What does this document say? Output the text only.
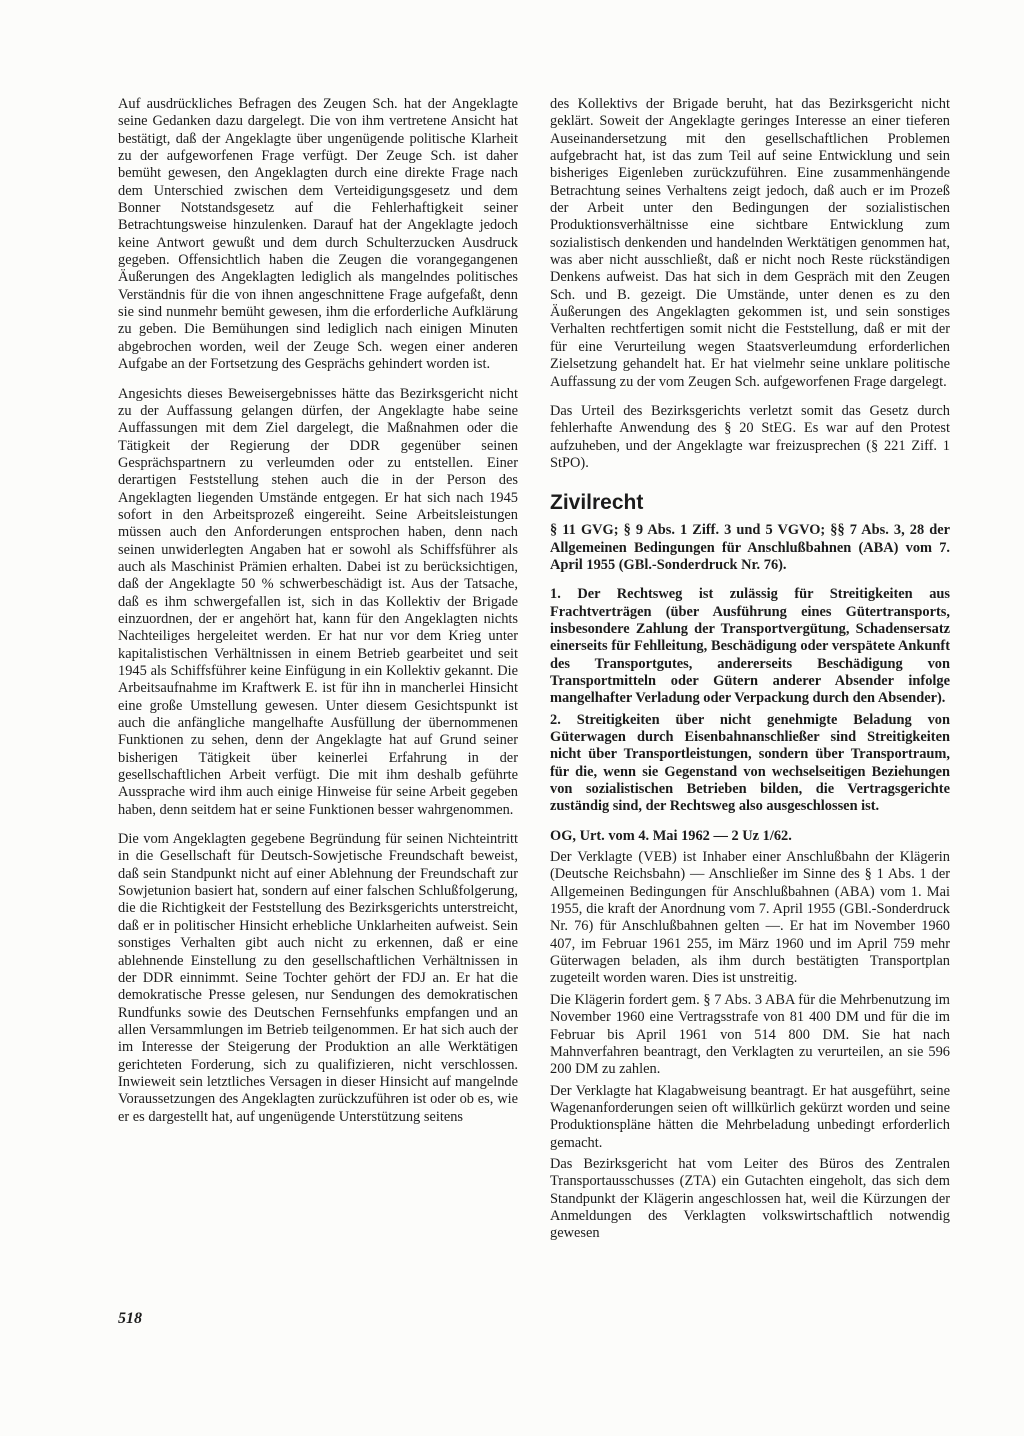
Auf ausdrückliches Befragen des Zeugen Sch. hat der Angeklagte seine Gedanken dazu dargelegt. Die von ihm vertretene Ansicht hat bestätigt, daß der Angeklagte über ungenügende politische Klarheit zu der aufgeworfenen Frage verfügt. Der Zeuge Sch. ist daher bemüht gewesen, den Angeklagten durch eine direkte Frage nach dem Unterschied zwischen dem Verteidigungsgesetz und dem Bonner Notstandsgesetz auf die Fehlerhaftigkeit seiner Betrachtungsweise hinzulenken. Darauf hat der Angeklagte jedoch keine Antwort gewußt und dem durch Schulterzucken Ausdruck gegeben. Offensichtlich haben die Zeugen die vorangegangenen Äußerungen des Angeklagten lediglich als mangelndes politisches Verständnis für die von ihnen angeschnittene Frage aufgefaßt, denn sie sind nunmehr bemüht gewesen, ihm die erforderliche Aufklärung zu geben. Die Bemühungen sind lediglich nach einigen Minuten abgebrochen worden, weil der Zeuge Sch. wegen einer anderen Aufgabe an der Fortsetzung des Gesprächs gehindert worden ist.

Angesichts dieses Beweisergebnisses hätte das Bezirksgericht nicht zu der Auffassung gelangen dürfen, der Angeklagte habe seine Auffassungen mit dem Ziel dargelegt, die Maßnahmen oder die Tätigkeit der Regierung der DDR gegenüber seinen Gesprächspartnern zu verleumden oder zu entstellen. Einer derartigen Feststellung stehen auch die in der Person des Angeklagten liegenden Umstände entgegen. Er hat sich nach 1945 sofort in den Arbeitsprozeß eingereiht. Seine Arbeitsleistungen müssen auch den Anforderungen entsprochen haben, denn nach seinen unwiderlegten Angaben hat er sowohl als Schiffsführer als auch als Maschinist Prämien erhalten. Dabei ist zu berücksichtigen, daß der Angeklagte 50 % schwerbeschädigt ist. Aus der Tatsache, daß es ihm schwergefallen ist, sich in das Kollektiv der Brigade einzuordnen, der er angehört hat, kann für den Angeklagten nichts Nachteiliges hergeleitet werden. Er hat nur vor dem Krieg unter kapitalistischen Verhältnissen in einem Betrieb gearbeitet und seit 1945 als Schiffsführer keine Einfügung in ein Kollektiv gekannt. Die Arbeitsaufnahme im Kraftwerk E. ist für ihn in mancherlei Hinsicht eine große Umstellung gewesen. Unter diesem Gesichtspunkt ist auch die anfängliche mangelhafte Ausfüllung der übernommenen Funktionen zu sehen, denn der Angeklagte hat auf Grund seiner bisherigen Tätigkeit über keinerlei Erfahrung in der gesellschaftlichen Arbeit verfügt. Die mit ihm deshalb geführte Aussprache wird ihm auch einige Hinweise für seine Arbeit gegeben haben, denn seitdem hat er seine Funktionen besser wahrgenommen.

Die vom Angeklagten gegebene Begründung für seinen Nichteintritt in die Gesellschaft für Deutsch-Sowjetische Freundschaft beweist, daß sein Standpunkt nicht auf einer Ablehnung der Freundschaft zur Sowjetunion basiert hat, sondern auf einer falschen Schlußfolgerung, die die Richtigkeit der Feststellung des Bezirksgerichts unterstreicht, daß er in politischer Hinsicht erhebliche Unklarheiten aufweist. Sein sonstiges Verhalten gibt auch nicht zu erkennen, daß er eine ablehnende Einstellung zu den gesellschaftlichen Verhältnissen in der DDR einnimmt. Seine Tochter gehört der FDJ an. Er hat die demokratische Presse gelesen, nur Sendungen des demokratischen Rundfunks sowie des Deutschen Fernsehfunks empfangen und an allen Versammlungen im Betrieb teilgenommen. Er hat sich auch der im Interesse der Steigerung der Produktion an alle Werktätigen gerichteten Forderung, sich zu qualifizieren, nicht verschlossen. Inwieweit sein letztliches Versagen in dieser Hinsicht auf mangelnde Voraussetzungen des Angeklagten zurückzuführen ist oder ob es, wie er es dargestellt hat, auf ungenügende Unterstützung seitens

des Kollektivs der Brigade beruht, hat das Bezirksgericht nicht geklärt. Soweit der Angeklagte geringes Interesse an einer tieferen Auseinandersetzung mit den gesellschaftlichen Problemen aufgebracht hat, ist das zum Teil auf seine Entwicklung und sein bisheriges Eigenleben zurückzuführen. Eine zusammenhängende Betrachtung seines Verhaltens zeigt jedoch, daß auch er im Prozeß der Arbeit unter den Bedingungen der sozialistischen Produktionsverhältnisse eine sichtbare Entwicklung zum sozialistisch denkenden und handelnden Werktätigen genommen hat, was aber nicht ausschließt, daß er nicht noch Reste rückständigen Denkens aufweist. Das hat sich in dem Gespräch mit den Zeugen Sch. und B. gezeigt. Die Umstände, unter denen es zu den Äußerungen des Angeklagten gekommen ist, und sein sonstiges Verhalten rechtfertigen somit nicht die Feststellung, daß er mit der für eine Verurteilung wegen Staatsverleumdung erforderlichen Zielsetzung gehandelt hat. Er hat vielmehr seine unklare politische Auffassung zu der vom Zeugen Sch. aufgeworfenen Frage dargelegt.

Das Urteil des Bezirksgerichts verletzt somit das Gesetz durch fehlerhafte Anwendung des § 20 StEG. Es war auf den Protest aufzuheben, und der Angeklagte war freizusprechen (§ 221 Ziff. 1 StPO).

Zivilrecht

§ 11 GVG; § 9 Abs. 1 Ziff. 3 und 5 VGVO; §§ 7 Abs. 3, 28 der Allgemeinen Bedingungen für Anschlußbahnen (ABA) vom 7. April 1955 (GBl.-Sonderdruck Nr. 76).

1. Der Rechtsweg ist zulässig für Streitigkeiten aus Frachtverträgen (über Ausführung eines Gütertransports, insbesondere Zahlung der Transportvergütung, Schadensersatz einerseits für Fehlleitung, Beschädigung oder verspätete Ankunft des Transportgutes, andererseits Beschädigung von Transportmitteln oder Gütern anderer Absender infolge mangelhafter Verladung oder Verpackung durch den Absender).

2. Streitigkeiten über nicht genehmigte Beladung von Güterwagen durch Eisenbahnanschließer sind Streitigkeiten nicht über Transportleistungen, sondern über Transportraum, für die, wenn sie Gegenstand von wechselseitigen Beziehungen von sozialistischen Betrieben bilden, die Vertragsgerichte zuständig sind, der Rechtsweg also ausgeschlossen ist.

OG, Urt. vom 4. Mai 1962 — 2 Uz 1/62.

Der Verklagte (VEB) ist Inhaber einer Anschlußbahn der Klägerin (Deutsche Reichsbahn) — Anschließer im Sinne des § 1 Abs. 1 der Allgemeinen Bedingungen für Anschlußbahnen (ABA) vom 1. Mai 1955, die kraft der Anordnung vom 7. April 1955 (GBl.-Sonderdruck Nr. 76) für Anschlußbahnen gelten —. Er hat im November 1960 407, im Februar 1961 255, im März 1960 und im April 759 mehr Güterwagen beladen, als ihm durch bestätigten Transportplan zugeteilt worden waren. Dies ist unstreitig.

Die Klägerin fordert gem. § 7 Abs. 3 ABA für die Mehrbenutzung im November 1960 eine Vertragsstrafe von 81 400 DM und für die im Februar bis April 1961 von 514 800 DM. Sie hat nach Mahnverfahren beantragt, den Verklagten zu verurteilen, an sie 596 200 DM zu zahlen.

Der Verklagte hat Klagabweisung beantragt. Er hat ausgeführt, seine Wagenanforderungen seien oft willkürlich gekürzt worden und seine Produktionspläne hätten die Mehrbeladung unbedingt erforderlich gemacht.

Das Bezirksgericht hat vom Leiter des Büros des Zentralen Transportausschusses (ZTA) ein Gutachten eingeholt, das sich dem Standpunkt der Klägerin angeschlossen hat, weil die Kürzungen der Anmeldungen des Verklagten volkswirtschaftlich notwendig gewesen

518
